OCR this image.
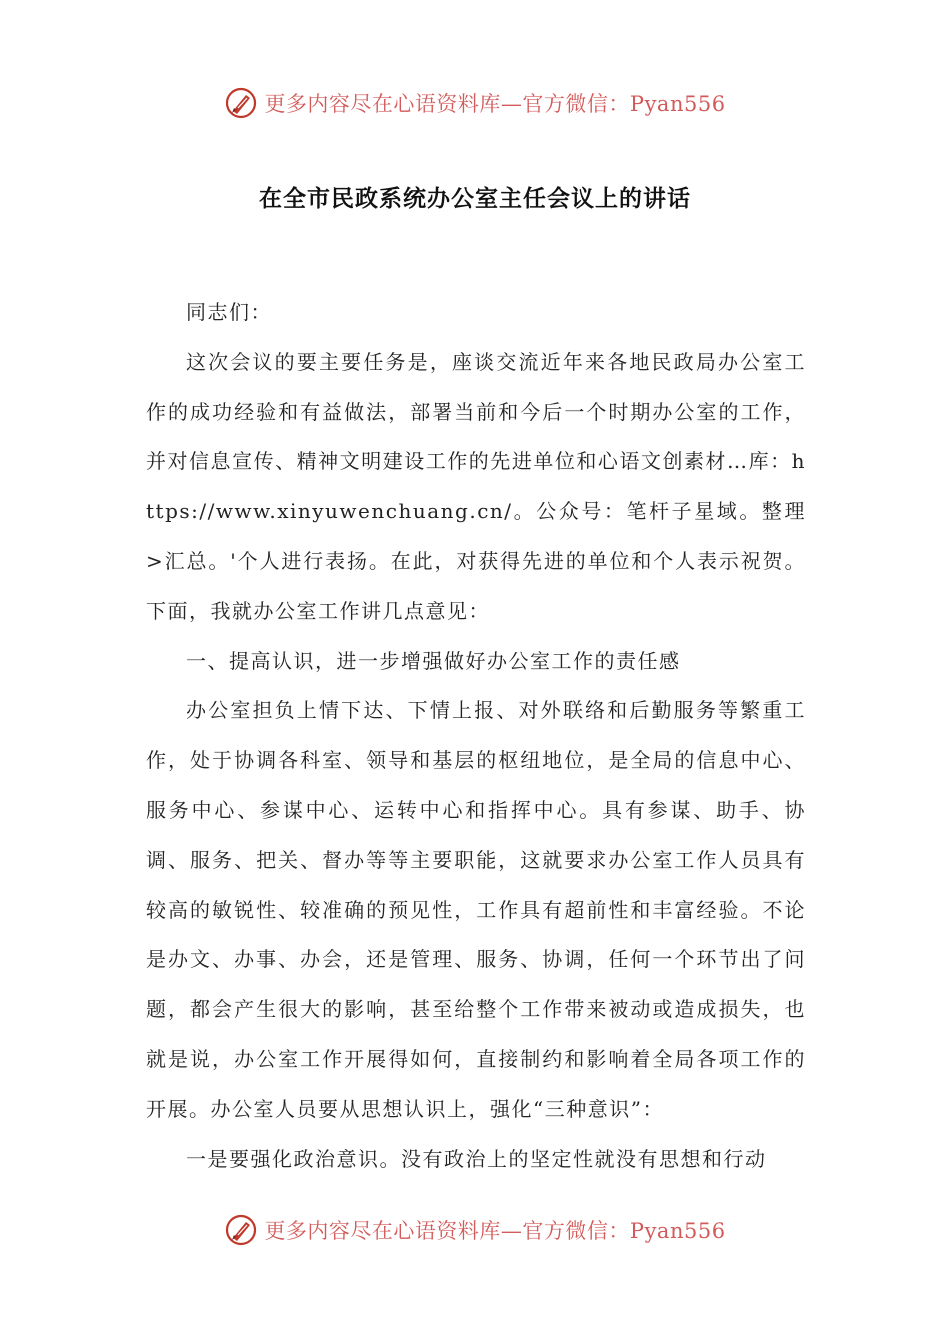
更多内容尽在心语资料库—官方微信：Pyan556
在全市民政系统办公室主任会议上的讲话

同志们：

这次会议的要主要任务是，座谈交流近年来各地民政局办公室工作的成功经验和有益做法，部署当前和今后一个时期办公室的工作，并对信息宣传、精神文明建设工作的先进单位和心语文创素材…库：https://www.xinyuwenchuang.cn/。公众号：笔杆子星域。整理>汇总。'个人进行表扬。在此，对获得先进的单位和个人表示祝贺。下面，我就办公室工作讲几点意见：

一、提高认识，进一步增强做好办公室工作的责任感

办公室担负上情下达、下情上报、对外联络和后勤服务等繁重工作，处于协调各科室、领导和基层的枢纽地位，是全局的信息中心、服务中心、参谋中心、运转中心和指挥中心。具有参谋、助手、协调、服务、把关、督办等等主要职能，这就要求办公室工作人员具有较高的敏锐性、较准确的预见性，工作具有超前性和丰富经验。不论是办文、办事、办会，还是管理、服务、协调，任何一个环节出了问题，都会产生很大的影响，甚至给整个工作带来被动或造成损失，也就是说，办公室工作开展得如何，直接制约和影响着全局各项工作的开展。办公室人员要从思想认识上，强化“三种意识”：

一是要强化政治意识。没有政治上的坚定性就没有思想和行动

更多内容尽在心语资料库—官方微信：Pyan556
